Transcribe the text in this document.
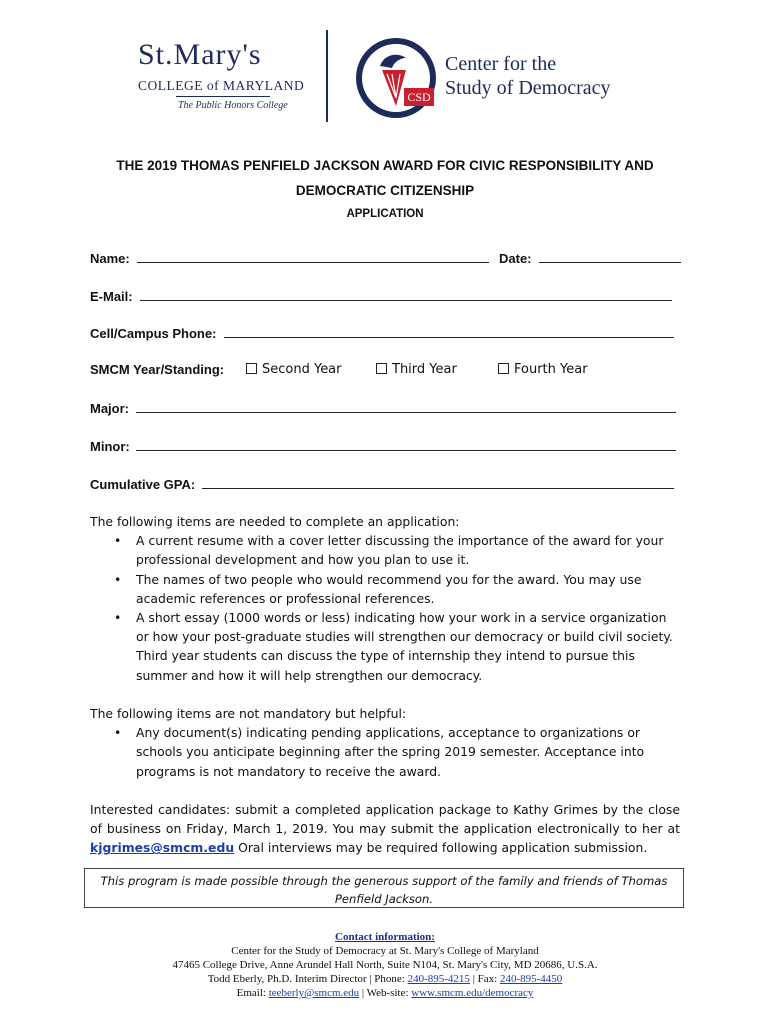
St.Mary's
COLLEGE of MARYLAND
The Public Honors College
CSD
Center for the
Study of Democracy
THE 2019 THOMAS PENFIELD JACKSON AWARD FOR CIVIC RESPONSIBILITY AND
DEMOCRATIC CITIZENSHIP
APPLICATION
Name:	Date:
E-Mail:
Cell/Campus Phone:
SMCM Year/Standing:	Second Year	Third Year	Fourth Year
Major:
Minor:
Cumulative GPA:
The following items are needed to complete an application:
• A current resume with a cover letter discussing the importance of the award for your professional development and how you plan to use it.
• The names of two people who would recommend you for the award. You may use academic references or professional references.
• A short essay (1000 words or less) indicating how your work in a service organization or how your post-graduate studies will strengthen our democracy or build civil society. Third year students can discuss the type of internship they intend to pursue this summer and how it will help strengthen our democracy.
The following items are not mandatory but helpful:
• Any document(s) indicating pending applications, acceptance to organizations or schools you anticipate beginning after the spring 2019 semester. Acceptance into programs is not mandatory to receive the award.
Interested candidates: submit a completed application package to Kathy Grimes by the close of business on Friday, March 1, 2019. You may submit the application electronically to her at kjgrimes@smcm.edu Oral interviews may be required following application submission.
This program is made possible through the generous support of the family and friends of Thomas Penfield Jackson.
Contact information:
Center for the Study of Democracy at St. Mary's College of Maryland
47465 College Drive, Anne Arundel Hall North, Suite N104, St. Mary's City, MD 20686, U.S.A.
Todd Eberly, Ph.D. Interim Director | Phone: 240-895-4215 | Fax: 240-895-4450
Email: teeberly@smcm.edu | Web-site: www.smcm.edu/democracy
